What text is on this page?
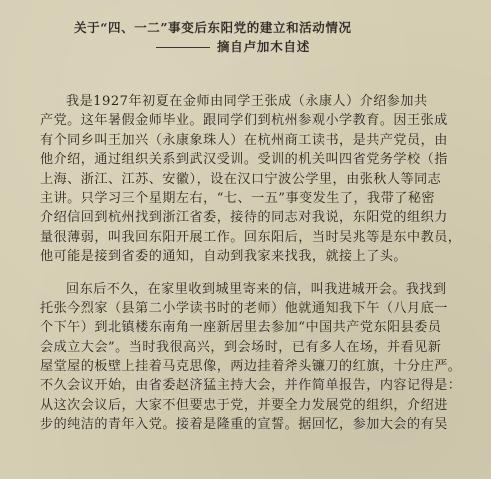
关于“四、一二”事变后东阳党的建立和活动情况
摘自卢加木自述
我是1927年初夏在金师由同学王张成（永康人）介绍参加共
产党。这年暑假金师毕业。跟同学们到杭州参观小学教育。因王张成
有个同乡叫王加兴（永康象珠人）在杭州商工读书，是共产党员，由
他介绍，通过组织关系到武汉受训。受训的机关叫四省党务学校（指
上海、浙江、江苏、安徽），设在汉口宁波公学里，由张秋人等同志
主讲。只学习三个星期左右，“七、一五”事变发生了，我带了秘密
介绍信回到杭州找到浙江省委，接待的同志对我说，东阳党的组织力
量很薄弱，叫我回东阳开展工作。回东阳后，当时吴兆等是东中教员，
他可能是接到省委的通知，自动到我家来找我，就接上了头。
回东后不久，在家里收到城里寄来的信，叫我进城开会。我找到
托张今烈家（县第二小学读书时的老师）他就通知我下午（八月底一
个下午）到北镇楼东南角一座新居里去参加“中国共产党东阳县委员
会成立大会”。当时我很高兴，到会场时，已有多人在场，并看见新
屋堂屋的板壁上挂着马克思像，两边挂着斧头镰刀的红旗，十分庄严。
不久会议开始，由省委赵济猛主持大会，并作简单报告，内容记得是：
从这次会议后，大家不但要忠于党，并要全力发展党的组织，介绍进
步的纯洁的青年入党。接着是隆重的宣誓。据回忆，参加大会的有吴
